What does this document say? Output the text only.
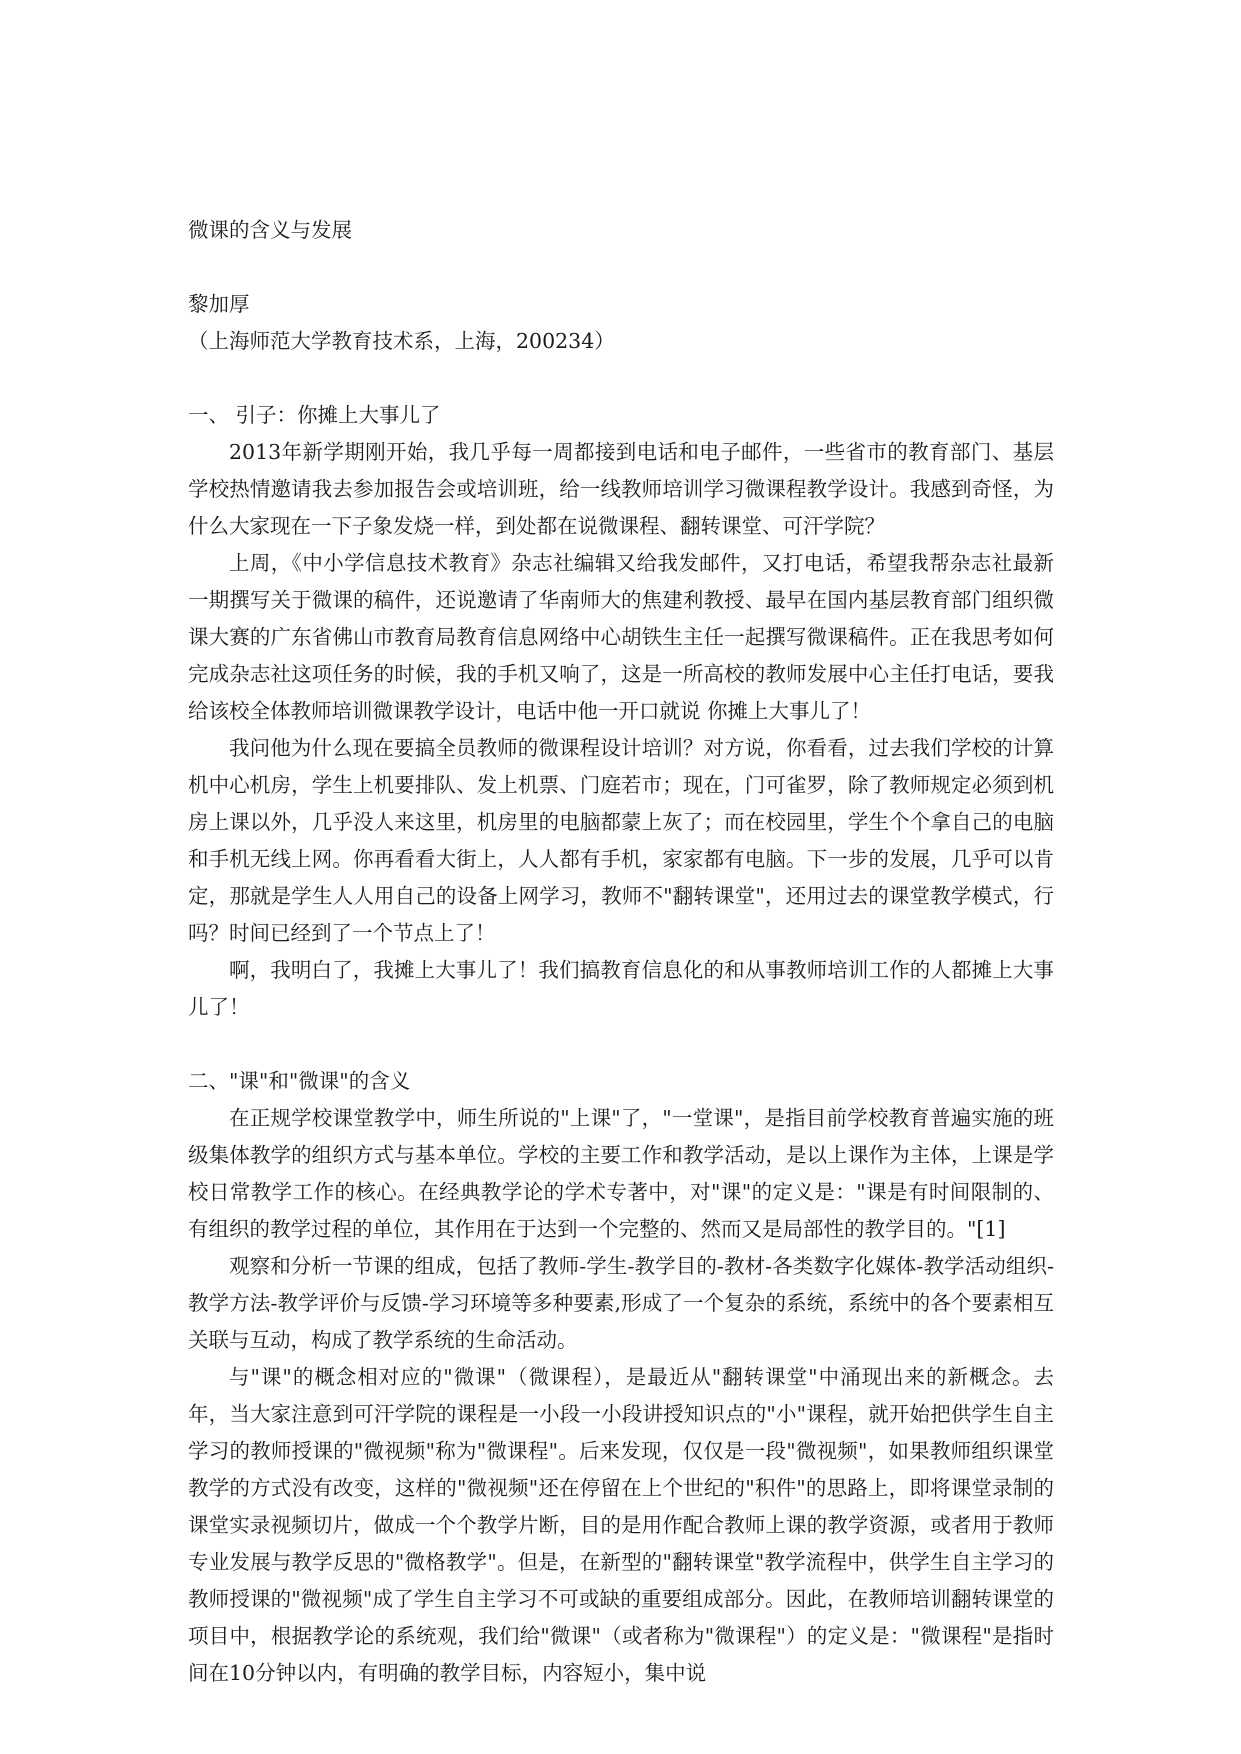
微课的含义与发展

黎加厚

（上海师范大学教育技术系，上海，200234）

一、 引子：你摊上大事儿了

2013年新学期刚开始，我几乎每一周都接到电话和电子邮件，一些省市的教育部门、基层学校热情邀请我去参加报告会或培训班，给一线教师培训学习微课程教学设计。我感到奇怪，为什么大家现在一下子象发烧一样，到处都在说微课程、翻转课堂、可汗学院？

上周，《中小学信息技术教育》杂志社编辑又给我发邮件，又打电话，希望我帮杂志社最新一期撰写关于微课的稿件，还说邀请了华南师大的焦建利教授、最早在国内基层教育部门组织微课大赛的广东省佛山市教育局教育信息网络中心胡铁生主任一起撰写微课稿件。正在我思考如何完成杂志社这项任务的时候，我的手机又响了，这是一所高校的教师发展中心主任打电话，要我给该校全体教师培训微课教学设计，电话中他一开口就说 你摊上大事儿了！

我问他为什么现在要搞全员教师的微课程设计培训？对方说，你看看，过去我们学校的计算机中心机房，学生上机要排队、发上机票、门庭若市；现在，门可雀罗，除了教师规定必须到机房上课以外，几乎没人来这里，机房里的电脑都蒙上灰了；而在校园里，学生个个拿自己的电脑和手机无线上网。你再看看大街上，人人都有手机，家家都有电脑。下一步的发展，几乎可以肯定，那就是学生人人用自己的设备上网学习，教师不"翻转课堂"，还用过去的课堂教学模式，行吗？时间已经到了一个节点上了！

啊，我明白了，我摊上大事儿了！我们搞教育信息化的和从事教师培训工作的人都摊上大事儿了！

二、"课"和"微课"的含义

在正规学校课堂教学中，师生所说的"上课"了，"一堂课"，是指目前学校教育普遍实施的班级集体教学的组织方式与基本单位。学校的主要工作和教学活动，是以上课作为主体，上课是学校日常教学工作的核心。在经典教学论的学术专著中，对"课"的定义是："课是有时间限制的、有组织的教学过程的单位，其作用在于达到一个完整的、然而又是局部性的教学目的。"[1]

观察和分析一节课的组成，包括了教师-学生-教学目的-教材-各类数字化媒体-教学活动组织-教学方法-教学评价与反馈-学习环境等多种要素,形成了一个复杂的系统，系统中的各个要素相互关联与互动，构成了教学系统的生命活动。

与"课"的概念相对应的"微课"（微课程），是最近从"翻转课堂"中涌现出来的新概念。去年，当大家注意到可汗学院的课程是一小段一小段讲授知识点的"小"课程，就开始把供学生自主学习的教师授课的"微视频"称为"微课程"。后来发现，仅仅是一段"微视频"，如果教师组织课堂教学的方式没有改变，这样的"微视频"还在停留在上个世纪的"积件"的思路上，即将课堂录制的课堂实录视频切片，做成一个个教学片断，目的是用作配合教师上课的教学资源，或者用于教师专业发展与教学反思的"微格教学"。但是，在新型的"翻转课堂"教学流程中，供学生自主学习的教师授课的"微视频"成了学生自主学习不可或缺的重要组成部分。因此，在教师培训翻转课堂的项目中，根据教学论的系统观，我们给"微课"（或者称为"微课程"）的定义是："微课程"是指时间在10分钟以内，有明确的教学目标，内容短小，集中说
